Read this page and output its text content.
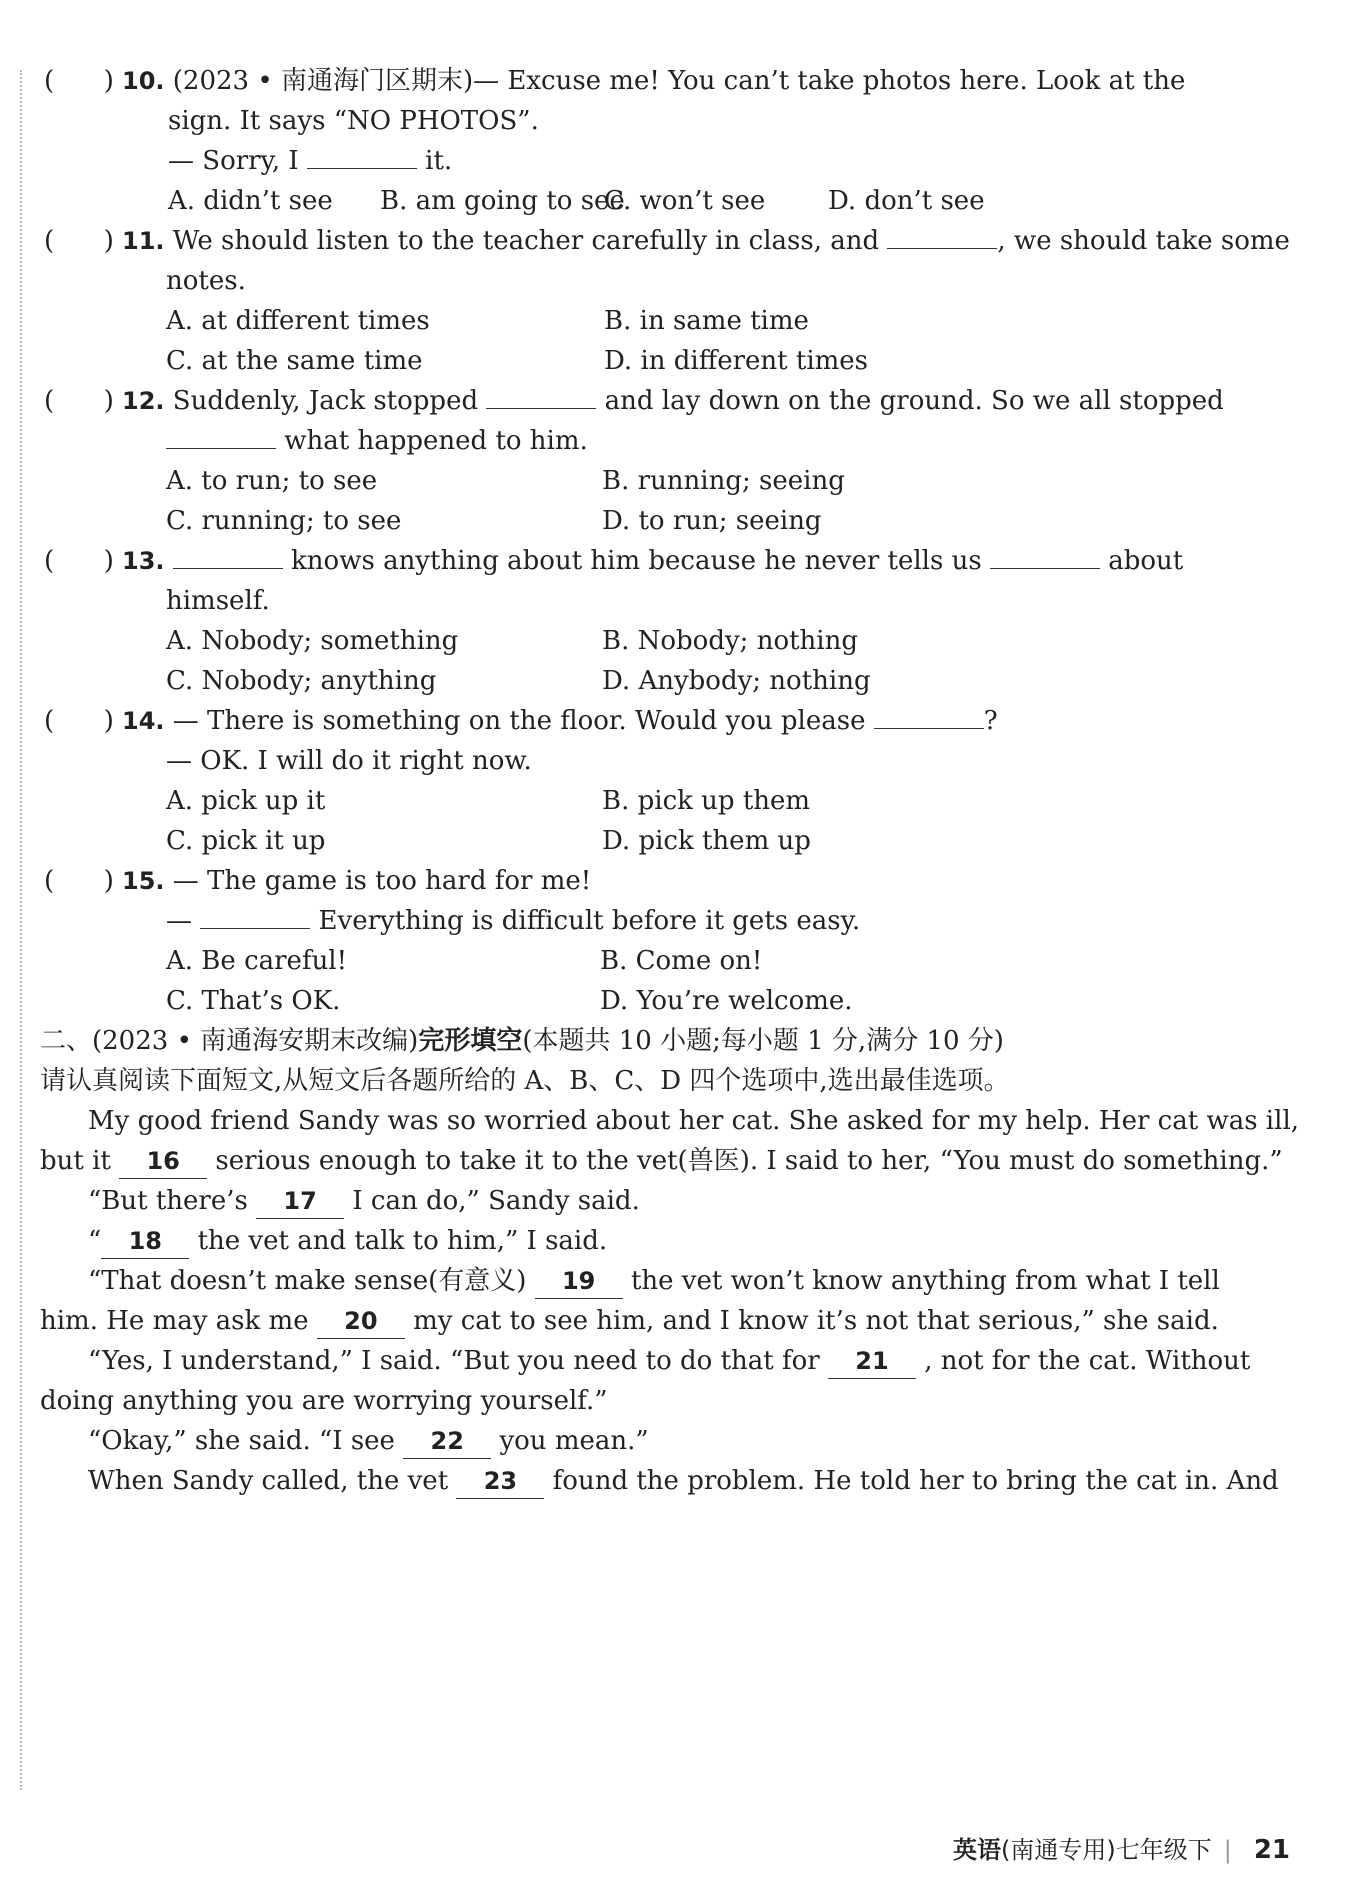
(      ) 10. (2023 • 南通海门区期末)— Excuse me! You can’t take photos here. Look at the
sign. It says “NO PHOTOS”.
— Sorry, I	it.
A. didn’t see B. am going to see
C. won’t see D. don’t see
(      ) 11. We should listen to the teacher carefully in class, and	, we should take some
notes.
A. at different times	B. in same time
C. at the same time	D. in different times
(      ) 12. Suddenly, Jack stopped	and lay down on the ground. So we all stopped
what happened to him.
A. to run; to see	B. running; seeing
C. running; to see	D. to run; seeing
(      ) 13.	knows anything about him because he never tells us	about
himself.
A. Nobody; something	B. Nobody; nothing
C. Nobody; anything	D. Anybody; nothing
(      ) 14. — There is something on the floor. Would you please	?
— OK. I will do it right now.
A. pick up it	B. pick up them
C. pick it up	D. pick them up
(      ) 15. — The game is too hard for me!
—	Everything is difficult before it gets easy.
A. Be careful!	B. Come on!
C. That’s OK.	D. You’re welcome.
二、(2023 • 南通海安期末改编)完形填空(本题共 10 小题;每小题 1 分,满分 10 分)
请认真阅读下面短文,从短文后各题所给的 A、B、C、D 四个选项中,选出最佳选项。
My good friend Sandy was so worried about her cat. She asked for my help. Her cat was ill,
but it 16 serious enough to take it to the vet(兽医). I said to her, “You must do something.”
“But there’s 17 I can do,” Sandy said.
“ 18 the vet and talk to him,” I said.
“That doesn’t make sense(有意义) 19 the vet won’t know anything from what I tell
him. He may ask me 20 my cat to see him, and I know it’s not that serious,” she said.
“Yes, I understand,” I said. “But you need to do that for 21 , not for the cat. Without
doing anything you are worrying yourself.”
“Okay,” she said. “I see 22 you mean.”
When Sandy called, the vet 23 found the problem. He told her to bring the cat in. And
英语(南通专用)七年级下 | 21
